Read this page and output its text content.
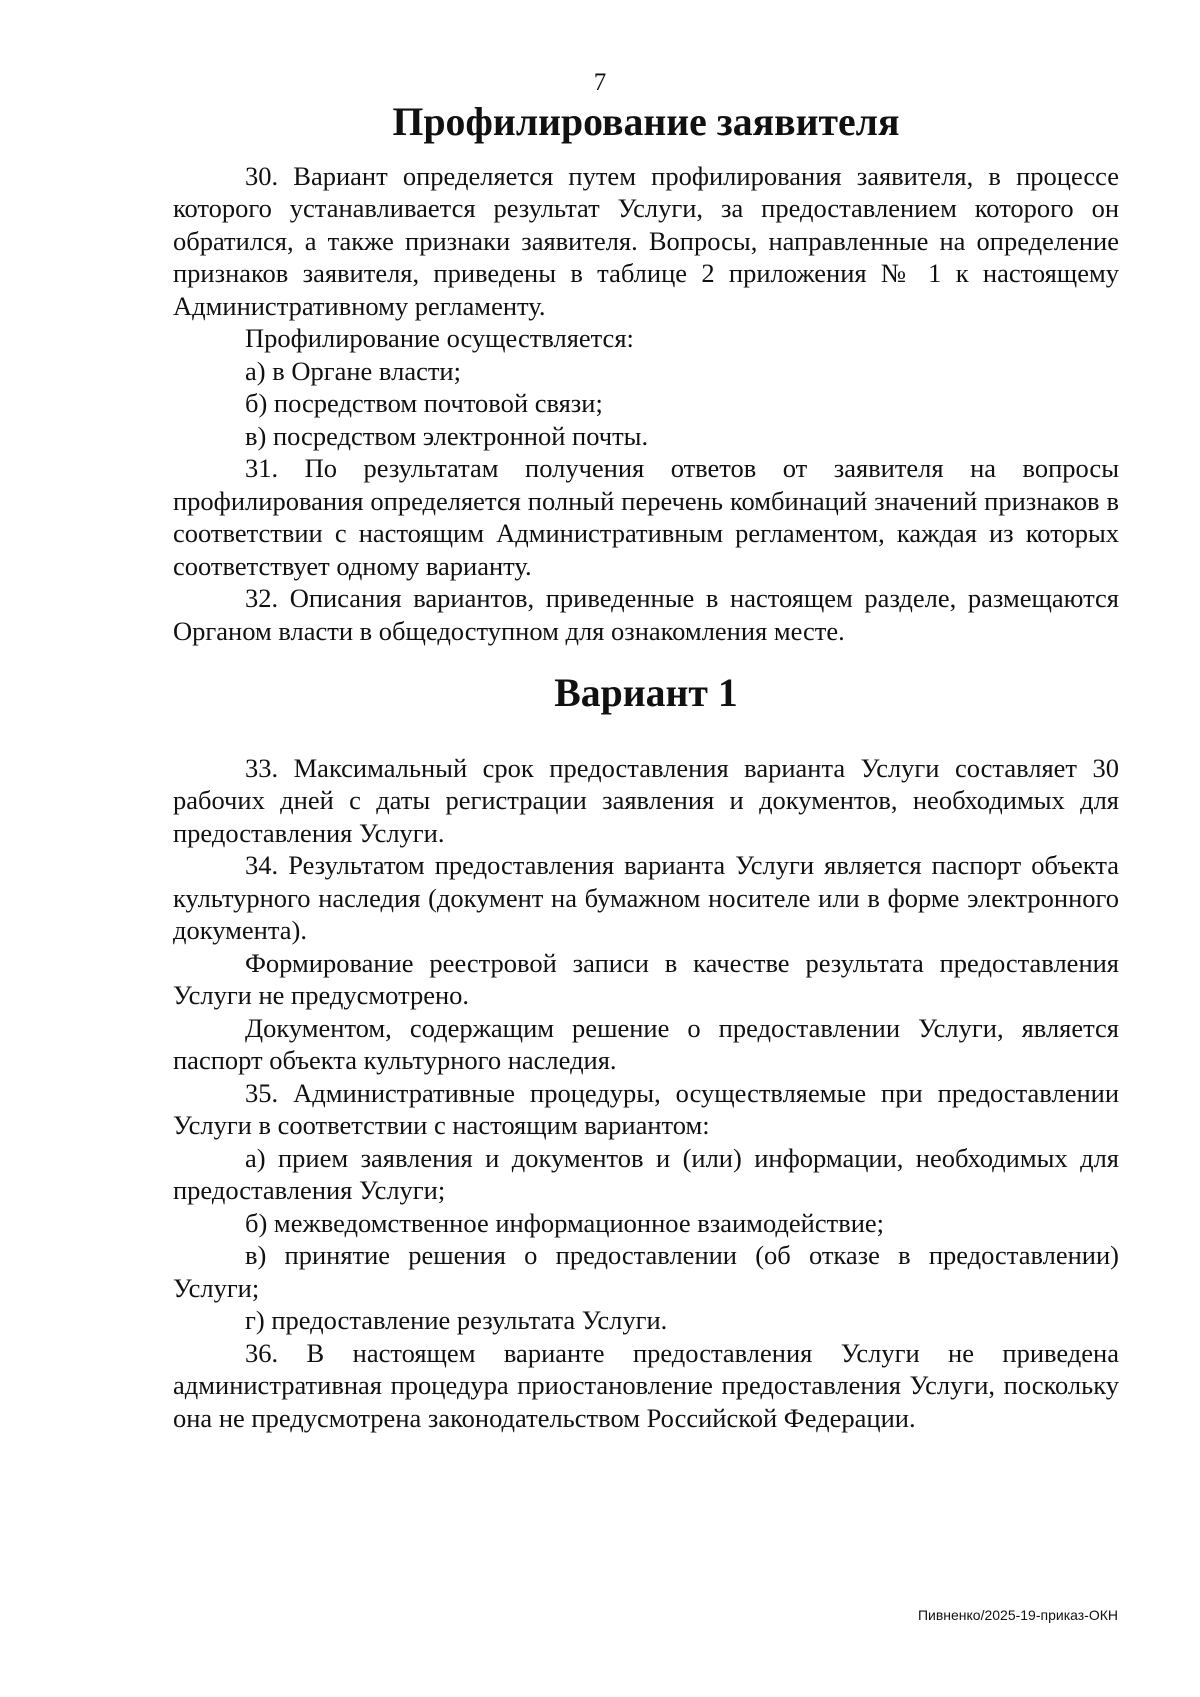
7
Профилирование заявителя

30. Вариант определяется путем профилирования заявителя, в процессе которого устанавливается результат Услуги, за предоставлением которого он обратился, а также признаки заявителя. Вопросы, направленные на определение признаков заявителя, приведены в таблице 2 приложения № 1 к настоящему Административному регламенту.

Профилирование осуществляется:

а) в Органе власти;

б) посредством почтовой связи;

в) посредством электронной почты.

31. По результатам получения ответов от заявителя на вопросы профилирования определяется полный перечень комбинаций значений признаков в соответствии с настоящим Административным регламентом, каждая из которых соответствует одному варианту.

32. Описания вариантов, приведенные в настоящем разделе, размещаются Органом власти в общедоступном для ознакомления месте.

Вариант 1

33. Максимальный срок предоставления варианта Услуги составляет 30 рабочих дней с даты регистрации заявления и документов, необходимых для предоставления Услуги.

34. Результатом предоставления варианта Услуги является паспорт объекта культурного наследия (документ на бумажном носителе или в форме электронного документа).

Формирование реестровой записи в качестве результата предоставления Услуги не предусмотрено.

Документом, содержащим решение о предоставлении Услуги, является паспорт объекта культурного наследия.

35. Административные процедуры, осуществляемые при предоставлении Услуги в соответствии с настоящим вариантом:

а) прием заявления и документов и (или) информации, необходимых для предоставления Услуги;

б) межведомственное информационное взаимодействие;

в) принятие решения о предоставлении (об отказе в предоставлении) Услуги;

г) предоставление результата Услуги.

36. В настоящем варианте предоставления Услуги не приведена административная процедура приостановление предоставления Услуги, поскольку она не предусмотрена законодательством Российской Федерации.

Пивненко/2025-19-приказ-ОКН
